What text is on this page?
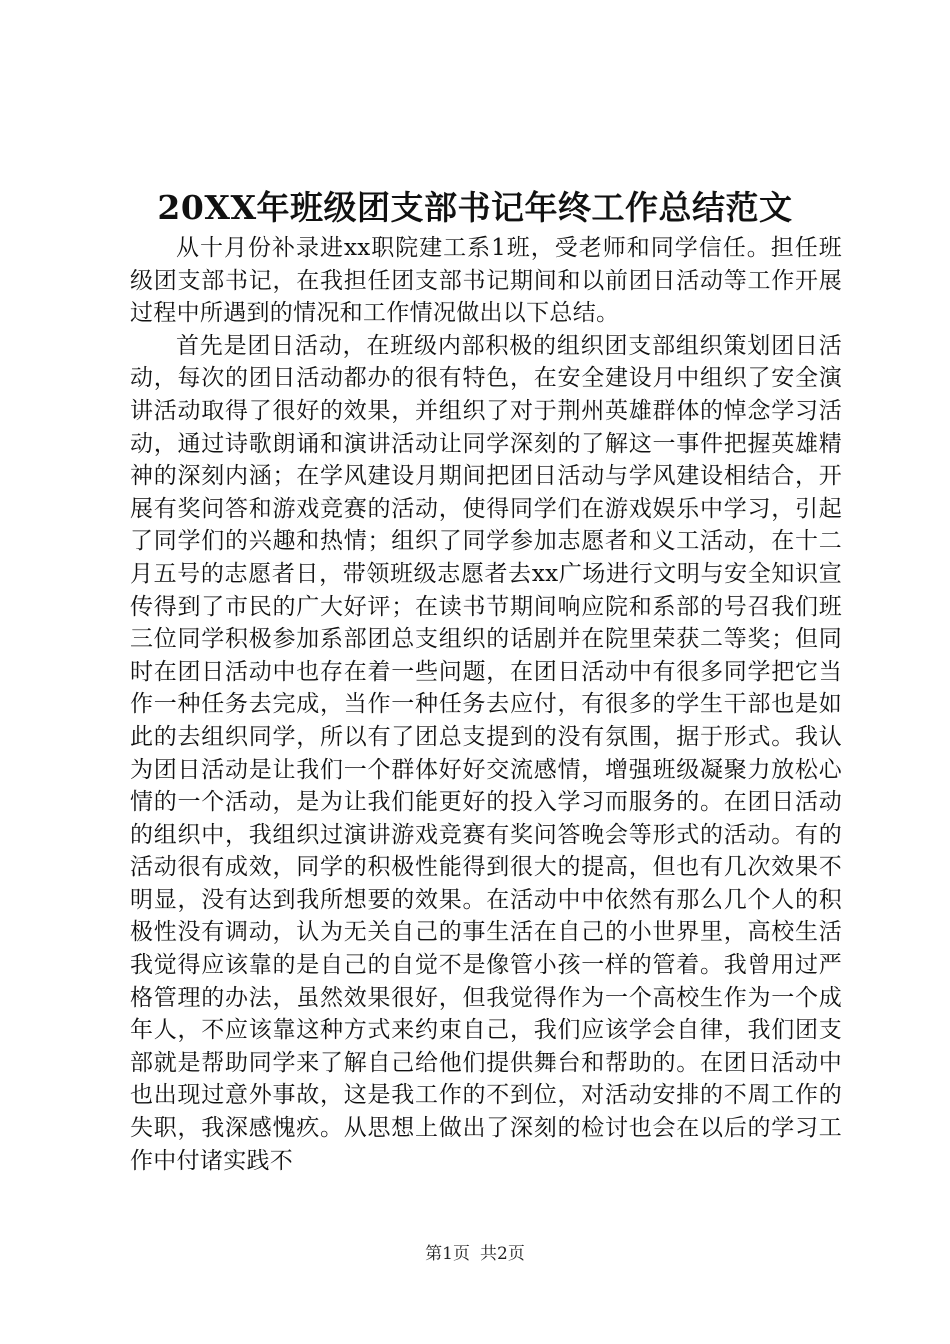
20XX年班级团支部书记年终工作总结范文

从十月份补录进xx职院建工系1班，受老师和同学信任。担任班级团支部书记，在我担任团支部书记期间和以前团日活动等工作开展过程中所遇到的情况和工作情况做出以下总结。

首先是团日活动，在班级内部积极的组织团支部组织策划团日活动，每次的团日活动都办的很有特色，在安全建设月中组织了安全演讲活动取得了很好的效果，并组织了对于荆州英雄群体的悼念学习活动，通过诗歌朗诵和演讲活动让同学深刻的了解这一事件把握英雄精神的深刻内涵；在学风建设月期间把团日活动与学风建设相结合，开展有奖问答和游戏竞赛的活动，使得同学们在游戏娱乐中学习，引起了同学们的兴趣和热情；组织了同学参加志愿者和义工活动，在十二月五号的志愿者日，带领班级志愿者去xx广场进行文明与安全知识宣传得到了市民的广大好评；在读书节期间响应院和系部的号召我们班三位同学积极参加系部团总支组织的话剧并在院里荣获二等奖；但同时在团日活动中也存在着一些问题，在团日活动中有很多同学把它当作一种任务去完成，当作一种任务去应付，有很多的学生干部也是如此的去组织同学，所以有了团总支提到的没有氛围，据于形式。我认为团日活动是让我们一个群体好好交流感情，增强班级凝聚力放松心情的一个活动，是为让我们能更好的投入学习而服务的。在团日活动的组织中，我组织过演讲游戏竞赛有奖问答晚会等形式的活动。有的活动很有成效，同学的积极性能得到很大的提高，但也有几次效果不明显，没有达到我所想要的效果。在活动中中依然有那么几个人的积极性没有调动，认为无关自己的事生活在自己的小世界里，高校生活我觉得应该靠的是自己的自觉不是像管小孩一样的管着。我曾用过严格管理的办法，虽然效果很好，但我觉得作为一个高校生作为一个成年人，不应该靠这种方式来约束自己，我们应该学会自律，我们团支部就是帮助同学来了解自己给他们提供舞台和帮助的。在团日活动中也出现过意外事故，这是我工作的不到位，对活动安排的不周工作的失职，我深感愧疚。从思想上做出了深刻的检讨也会在以后的学习工作中付诸实践不

第1页 共2页
